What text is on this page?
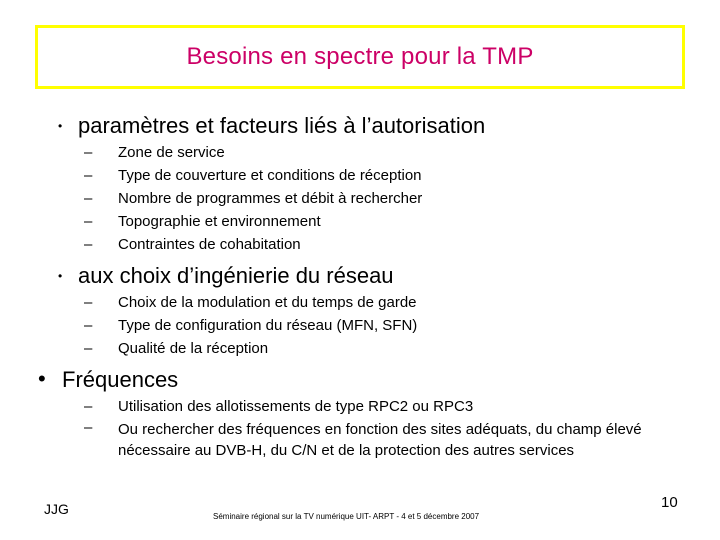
Besoins en spectre pour la TMP
• paramètres et facteurs liés à l’autorisation
–	Zone de service
–	Type de couverture et conditions de réception
–	Nombre de programmes et débit à rechercher
–	Topographie et environnement
–	Contraintes de cohabitation
• aux choix d’ingénierie du réseau
–	Choix de la modulation et du temps de garde
–	Type de configuration du réseau (MFN, SFN)
–	Qualité de la réception
• Fréquences
–	Utilisation des allotissements de type RPC2 ou RPC3
–	Ou rechercher des fréquences en fonction des sites adéquats, du champ élevé nécessaire au DVB-H, du C/N et de la protection des autres services
JJG	Séminaire régional sur la TV numérique UIT- ARPT - 4 et 5 décembre 2007
10
